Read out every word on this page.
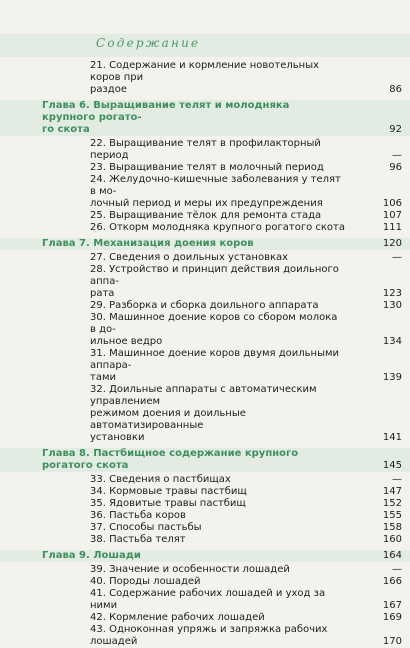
Содержание
21. Содержание и кормление новотельных коров при
раздое	86
Глава 6. Выращивание телят и молодняка крупного рогато-
го скота	92
22. Выращивание телят в профилакторный период	—
23. Выращивание телят в молочный период	96
24. Желудочно-кишечные заболевания у телят в мо-
лочный период и меры их предупреждения	106
25. Выращивание тёлок для ремонта стада	107
26. Откорм молодняка крупного рогатого скота	111
Глава 7. Механизация доения коров	120
27. Сведения о доильных установках	—
28. Устройство и принцип действия доильного аппа-
рата	123
29. Разборка и сборка доильного аппарата	130
30. Машинное доение коров со сбором молока в до-
ильное ведро	134
31. Машинное доение коров двумя доильными аппара-
тами	139
32. Доильные аппараты с автоматическим управлением
режимом доения и доильные автоматизированные
установки	141
Глава 8. Пастбищное содержание крупного рогатого скота	145
33. Сведения о пастбищах	—
34. Кормовые травы пастбищ	147
35. Ядовитые травы пастбищ	152
36. Пастьба коров	155
37. Способы пастьбы	158
38. Пастьба телят	160
Глава 9. Лошади	164
39. Значение и особенности лошадей	—
40. Породы лошадей	166
41. Содержание рабочих лошадей и уход за ними	167
42. Кормление рабочих лошадей	169
43. Одноконная упряжь и запряжка рабочих лошадей	170
